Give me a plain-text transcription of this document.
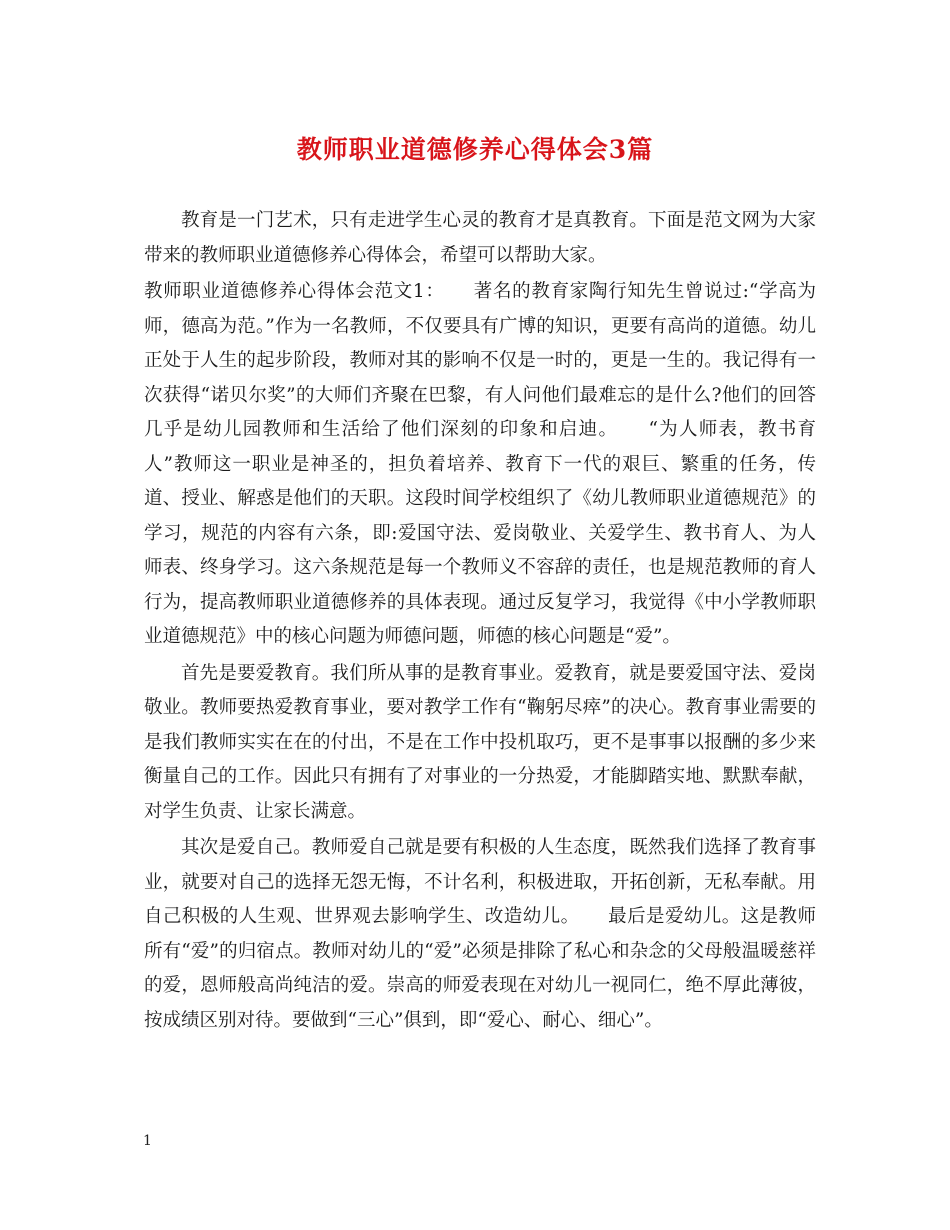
教师职业道德修养心得体会3篇

教育是一门艺术，只有走进学生心灵的教育才是真教育。下面是范文网为大家带来的教师职业道德修养心得体会，希望可以帮助大家。

教师职业道德修养心得体会范文1：　　著名的教育家陶行知先生曾说过:“学高为师，德高为范。”作为一名教师，不仅要具有广博的知识，更要有高尚的道德。幼儿正处于人生的起步阶段，教师对其的影响不仅是一时的，更是一生的。我记得有一次获得“诺贝尔奖”的大师们齐聚在巴黎，有人问他们最难忘的是什么?他们的回答几乎是幼儿园教师和生活给了他们深刻的印象和启迪。　　“为人师表，教书育人”教师这一职业是神圣的，担负着培养、教育下一代的艰巨、繁重的任务，传道、授业、解惑是他们的天职。这段时间学校组织了《幼儿教师职业道德规范》的学习，规范的内容有六条，即:爱国守法、爱岗敬业、关爱学生、教书育人、为人师表、终身学习。这六条规范是每一个教师义不容辞的责任，也是规范教师的育人行为，提高教师职业道德修养的具体表现。通过反复学习，我觉得《中小学教师职业道德规范》中的核心问题为师德问题，师德的核心问题是“爱”。

首先是要爱教育。我们所从事的是教育事业。爱教育，就是要爱国守法、爱岗敬业。教师要热爱教育事业，要对教学工作有“鞠躬尽瘁”的决心。教育事业需要的是我们教师实实在在的付出，不是在工作中投机取巧，更不是事事以报酬的多少来衡量自己的工作。因此只有拥有了对事业的一分热爱，才能脚踏实地、默默奉献，对学生负责、让家长满意。

其次是爱自己。教师爱自己就是要有积极的人生态度，既然我们选择了教育事业，就要对自己的选择无怨无悔，不计名利，积极进取，开拓创新，无私奉献。用自己积极的人生观、世界观去影响学生、改造幼儿。　　最后是爱幼儿。这是教师所有“爱”的归宿点。教师对幼儿的“爱”必须是排除了私心和杂念的父母般温暖慈祥的爱，恩师般高尚纯洁的爱。崇高的师爱表现在对幼儿一视同仁，绝不厚此薄彼，按成绩区别对待。要做到“三心”俱到，即“爱心、耐心、细心”。

1
